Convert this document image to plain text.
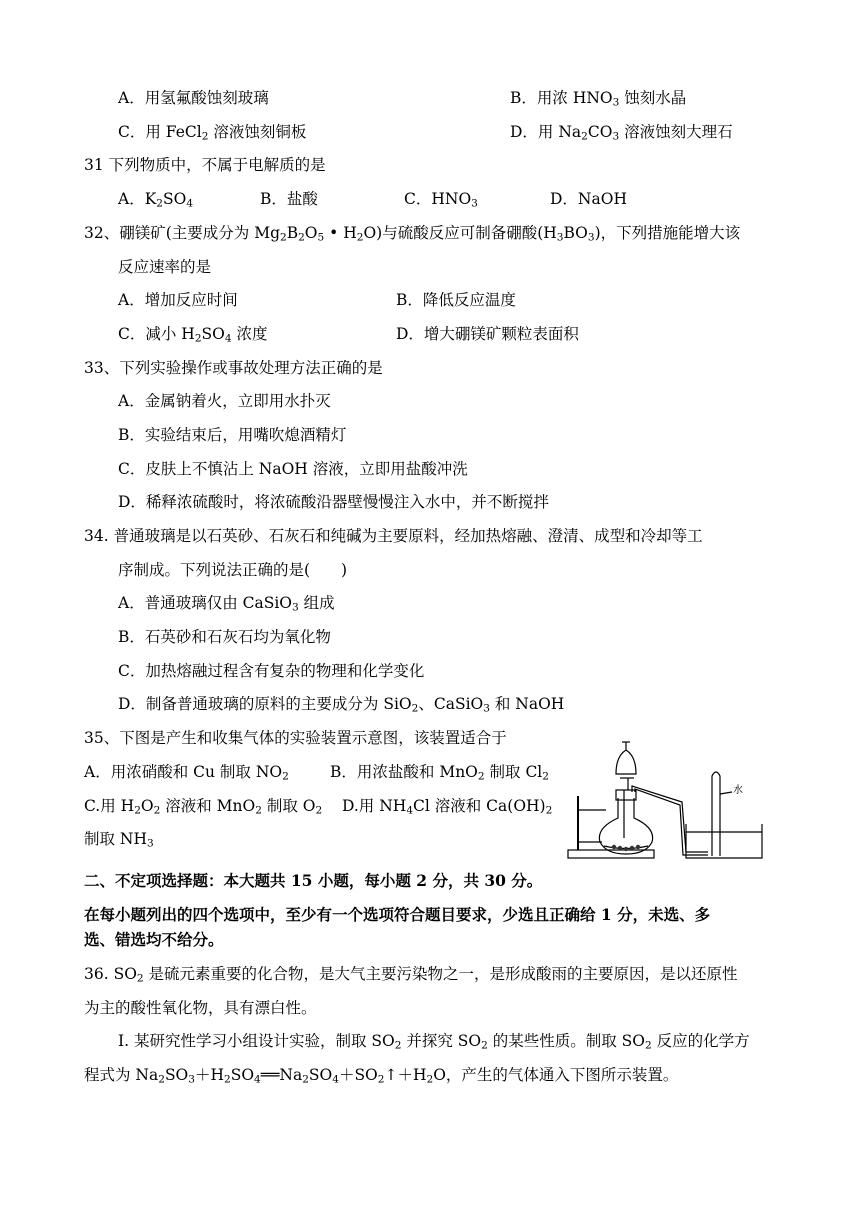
A．用氢氟酸蚀刻玻璃	B．用浓 $HNO_3$ 蚀刻水晶
C．用 FeCl$_2$ 溶液蚀刻铜板	D．用 $Na_2CO_3$ 溶液蚀刻大理石
31 下列物质中，不属于电解质的是
A．$K_2SO_4$	B．盐酸	C．$HNO_3$	D．NaOH
32、硼镁矿(主要成分为 $Mg_2B_2O_5$ • $H_2O$)与硫酸反应可制备硼酸$(H_3BO_3)$，下列措施能增大该
反应速率的是
A．增加反应时间	B．降低反应温度
C．减小 $H_2SO_4$ 浓度	D．增大硼镁矿颗粒表面积
33、下列实验操作或事故处理方法正确的是
A．金属钠着火，立即用水扑灭
B．实验结束后，用嘴吹熄酒精灯
C．皮肤上不慎沾上 NaOH 溶液，立即用盐酸冲洗
D．稀释浓硫酸时，将浓硫酸沿器壁慢慢注入水中，并不断搅拌
34. 普通玻璃是以石英砂、石灰石和纯碱为主要原料，经加热熔融、澄清、成型和冷却等工
序制成。下列说法正确的是(　　)
A．普通玻璃仅由 CaSiO$_3$ 组成
B．石英砂和石灰石均为氧化物
C．加热熔融过程含有复杂的物理和化学变化
D．制备普通玻璃的原料的主要成分为 SiO$_2$、CaSiO$_3$ 和 NaOH
35、下图是产生和收集气体的实验装置示意图，该装置适合于
A．用浓硝酸和 Cu 制取 $NO_2$	B．用浓盐酸和 MnO$_2$ 制取 $Cl_2$
C.用 $H_2O_2$ 溶液和 MnO$_2$ 制取 $O_2$ D.用 $NH_4Cl$ 溶液和 $Ca(OH)_2$
制取 $NH_3$
水
二、不定项选择题：本大题共 15 小题，每小题 2 分，共 30 分。
在每小题列出的四个选项中，至少有一个选项符合题目要求，少选且正确给 1 分，未选、多
选、错选均不给分。
36. $SO_2$ 是硫元素重要的化合物，是大气主要污染物之一，是形成酸雨的主要原因，是以还原性
为主的酸性氧化物，具有漂白性。
Ⅰ. 某研究性学习小组设计实验，制取 $SO_2$ 并探究 $SO_2$ 的某些性质。制取 $SO_2$ 反应的化学方
程式为 $Na_2SO_3+H_2SO_4══Na_2SO_4+SO_2↑+H_2O$，产生的气体通入下图所示装置。
